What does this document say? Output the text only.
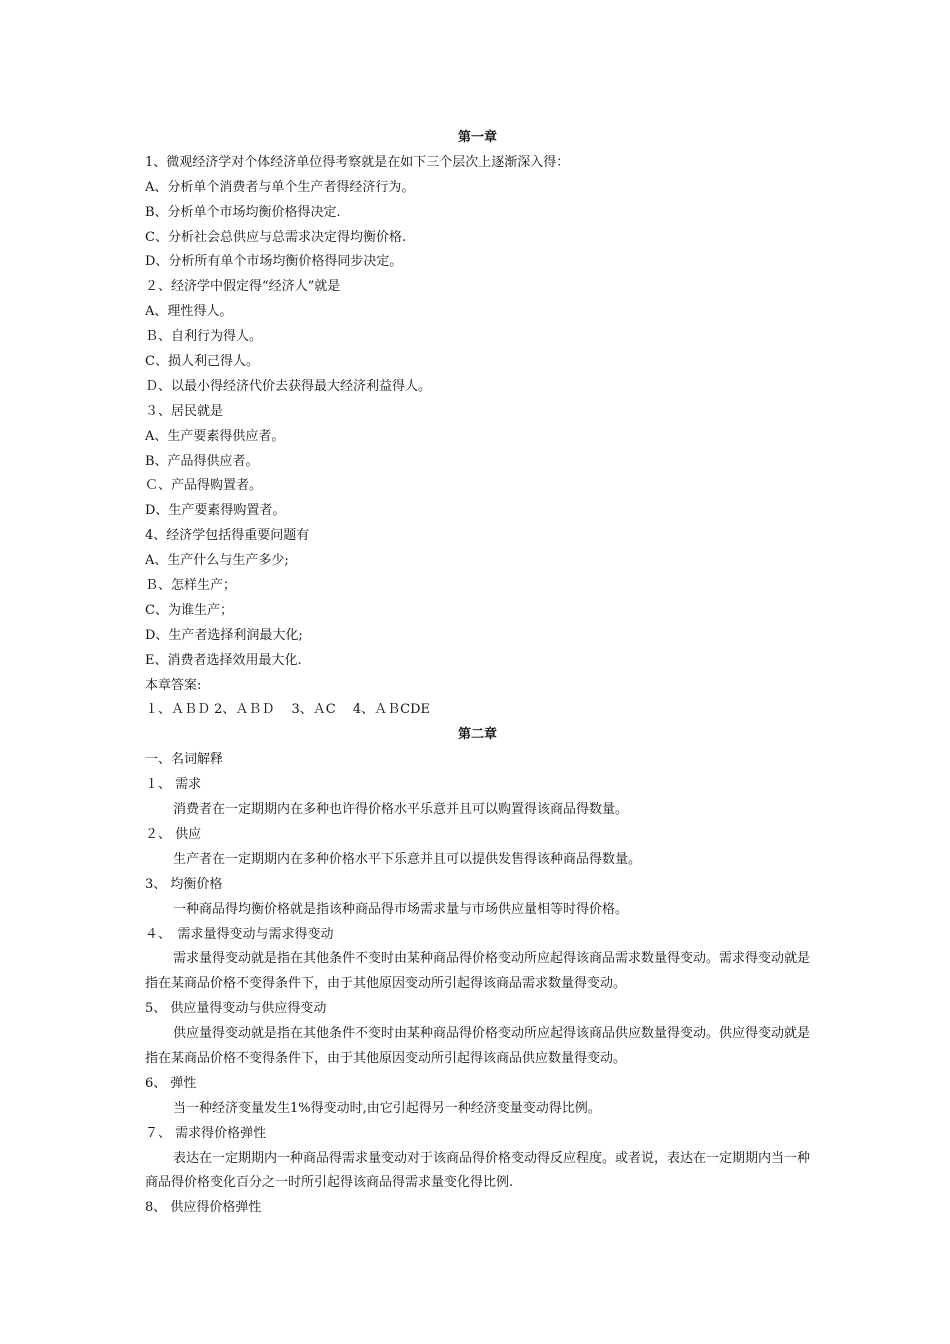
第一章
1、微观经济学对个体经济单位得考察就是在如下三个层次上逐渐深入得：
A、分析单个消费者与单个生产者得经济行为。
B、分析单个市场均衡价格得决定.
C、分析社会总供应与总需求决定得均衡价格.
D、分析所有单个市场均衡价格得同步决定。
２、经济学中假定得“经济人”就是
A、理性得人。
Ｂ、自利行为得人。
C、损人利己得人。
Ｄ、以最小得经济代价去获得最大经济利益得人。
３、居民就是
A、生产要素得供应者。
B、产品得供应者。
Ｃ、产品得购置者。
D、生产要素得购置者。
4、经济学包括得重要问题有
A、生产什么与生产多少;
Ｂ、怎样生产；
C、为谁生产；
D、生产者选择利润最大化;
E、消费者选择效用最大化.
本章答案:
１、ＡＢＤ 2、ＡＢＤ　 3、ＡC　 4、ＡＢCDE
第二章
一、名词解释
１、 需求
消费者在一定期期内在多种也许得价格水平乐意并且可以购置得该商品得数量。
２、 供应
生产者在一定期期内在多种价格水平下乐意并且可以提供发售得该种商品得数量。
3、 均衡价格
一种商品得均衡价格就是指该种商品得市场需求量与市场供应量相等时得价格。
４、　需求量得变动与需求得变动

需求量得变动就是指在其他条件不变时由某种商品得价格变动所应起得该商品需求数量得变动。需求得变动就是指在某商品价格不变得条件下，由于其他原因变动所引起得该商品需求数量得变动。

5、 供应量得变动与供应得变动

供应量得变动就是指在其他条件不变时由某种商品得价格变动所应起得该商品供应数量得变动。供应得变动就是指在某商品价格不变得条件下，由于其他原因变动所引起得该商品供应数量得变动。

6、 弹性
当一种经济变量发生1%得变动时,由它引起得另一种经济变量变动得比例。
７、 需求得价格弹性

表达在一定期期内一种商品得需求量变动对于该商品得价格变动得反应程度。或者说，表达在一定期期内当一种商品得价格变化百分之一时所引起得该商品得需求量变化得比例.

8、 供应得价格弹性
